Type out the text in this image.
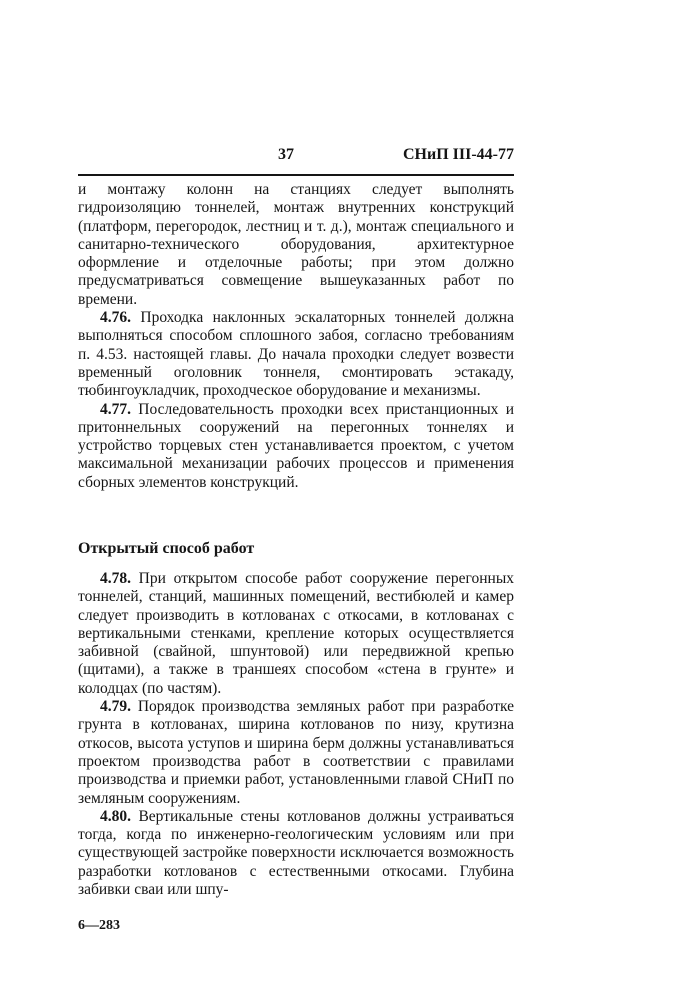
37	СНиП III-44-77

и монтажу колонн на станциях следует выполнять гидроизоляцию тоннелей, монтаж внутренних конструкций (платформ, перегородок, лестниц и т. д.), монтаж специального и санитарно-технического оборудования, архитектурное оформление и отделочные работы; при этом должно предусматриваться совмещение вышеуказанных работ по времени.

4.76. Проходка наклонных эскалаторных тоннелей должна выполняться способом сплошного забоя, согласно требованиям п. 4.53. настоящей главы. До начала проходки следует возвести временный оголовник тоннеля, смонтировать эстакаду, тюбингоукладчик, проходческое оборудование и механизмы.

4.77. Последовательность проходки всех пристанционных и притоннельных сооружений на перегонных тоннелях и устройство торцевых стен устанавливается проектом, с учетом максимальной механизации рабочих процессов и применения сборных элементов конструкций.

Открытый способ работ

4.78. При открытом способе работ сооружение перегонных тоннелей, станций, машинных помещений, вестибюлей и камер следует производить в котлованах с откосами, в котлованах с вертикальными стенками, крепление которых осуществляется забивной (свайной, шпунтовой) или передвижной крепью (щитами), а также в траншеях способом «стена в грунте» и колодцах (по частям).

4.79. Порядок производства земляных работ при разработке грунта в котлованах, ширина котлованов по низу, крутизна откосов, высота уступов и ширина берм должны устанавливаться проектом производства работ в соответствии с правилами производства и приемки работ, установленными главой СНиП по земляным сооружениям.

4.80. Вертикальные стены котлованов должны устраиваться тогда, когда по инженерно-геологическим условиям или при существующей застройке поверхности исключается возможность разработки котлованов с естественными откосами. Глубина забивки сваи или шпу-

6—283
